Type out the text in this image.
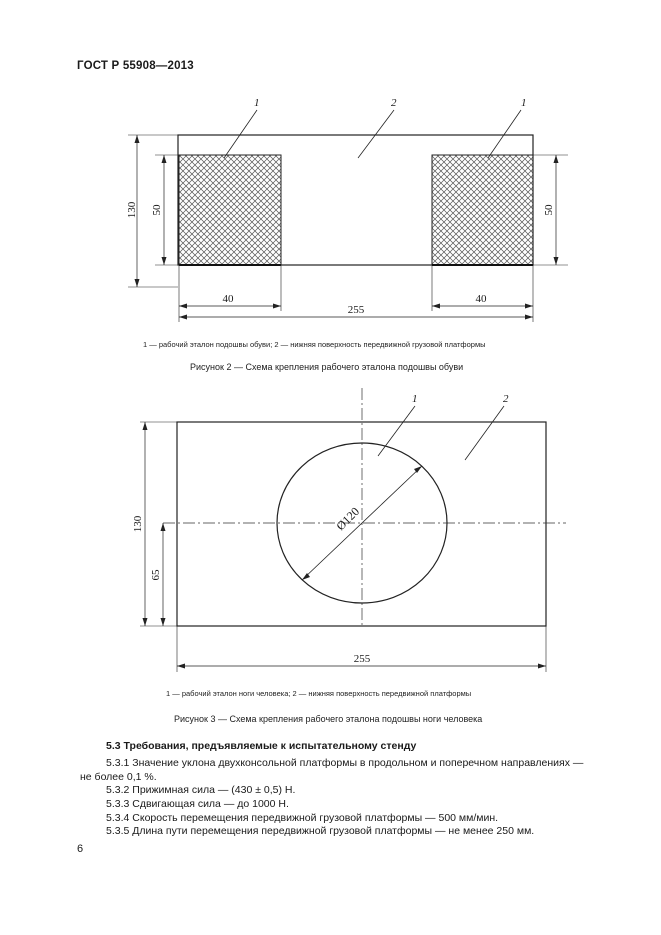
ГОСТ Р 55908—2013
1	2	1
130 50	50
40	40
255
1 — рабочий эталон подошвы обуви; 2 — нижняя поверхность передвижной грузовой платформы
Рисунок 2 — Схема крепления рабочего эталона подошвы обуви
Ø120
1	2
130
65
255
1 — рабочий эталон ноги человека; 2 — нижняя поверхность передвижной платформы
Рисунок 3 — Схема крепления рабочего эталона подошвы ноги человека
5.3 Требования, предъявляемые к испытательному стенду
5.3.1 Значение уклона двухконсольной платформы в продольном и поперечном направлениях —
не более 0,1 %.
5.3.2 Прижимная сила — (430 ± 0,5) Н.
5.3.3 Сдвигающая сила — до 1000 Н.
5.3.4 Скорость перемещения передвижной грузовой платформы — 500 мм/мин.
5.3.5 Длина пути перемещения передвижной грузовой платформы — не менее 250 мм.
6
